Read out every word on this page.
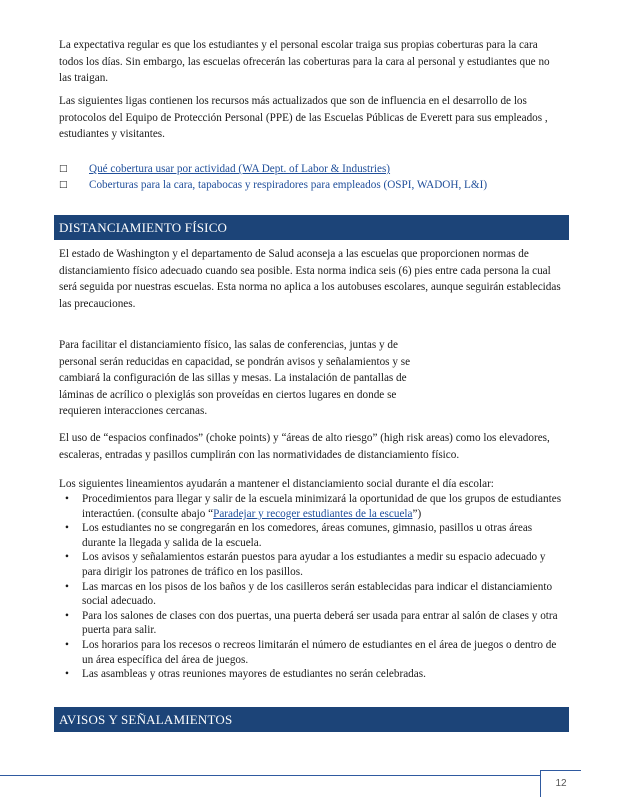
La expectativa regular es que los estudiantes y el personal escolar traiga sus propias coberturas para la cara todos los días. Sin embargo, las escuelas ofrecerán las coberturas para la cara al personal y estudiantes que no las traigan.

Las siguientes ligas contienen los recursos más actualizados que son de influencia en el desarrollo de los protocolos del Equipo de Protección Personal (PPE) de las Escuelas Públicas de Everett para sus empleados , estudiantes y visitantes.

□	Qué cobertura usar por actividad (WA Dept. of Labor & Industries)
□	Coberturas para la cara, tapabocas y respiradores para empleados (OSPI, WADOH, L&I)
DISTANCIAMIENTO FÍSICO

El estado de Washington y el departamento de Salud aconseja a las escuelas que proporcionen normas de distanciamiento físico adecuado cuando sea posible. Esta norma indica seis (6) pies entre cada persona la cual será seguida por nuestras escuelas. Esta norma no aplica a los autobuses escolares, aunque seguirán establecidas las precauciones.

Para facilitar el distanciamiento físico, las salas de conferencias, juntas y de personal serán reducidas en capacidad, se pondrán avisos y señalamientos y se cambiará la configuración de las sillas y mesas. La instalación de pantallas de láminas de acrílico o plexiglás son proveídas en ciertos lugares en donde se requieren interacciones cercanas.

El uso de “espacios confinados” (choke points) y “áreas de alto riesgo” (high risk areas) como los elevadores, escaleras, entradas y pasillos cumplirán con las normatividades de distanciamiento físico.

Los siguientes lineamientos ayudarán a mantener el distanciamiento social durante el día escolar:

• Procedimientos para llegar y salir de la escuela minimizará la oportunidad de que los grupos de estudiantes interactúen. (consulte abajo “Paradejar y recoger estudiantes de la escuela”)
• Los estudiantes no se congregarán en los comedores, áreas comunes, gimnasio, pasillos u otras áreas durante la llegada y salida de la escuela.
• Los avisos y señalamientos estarán puestos para ayudar a los estudiantes a medir su espacio adecuado y para dirigir los patrones de tráfico en los pasillos.
• Las marcas en los pisos de los baños y de los casilleros serán establecidas para indicar el distanciamiento social adecuado.
• Para los salones de clases con dos puertas, una puerta deberá ser usada para entrar al salón de clases y otra puerta para salir.
• Los horarios para los recesos o recreos limitarán el número de estudiantes en el área de juegos o dentro de un área específica del área de juegos.
• Las asambleas y otras reuniones mayores de estudiantes no serán celebradas.
AVISOS Y SEÑALAMIENTOS
12
